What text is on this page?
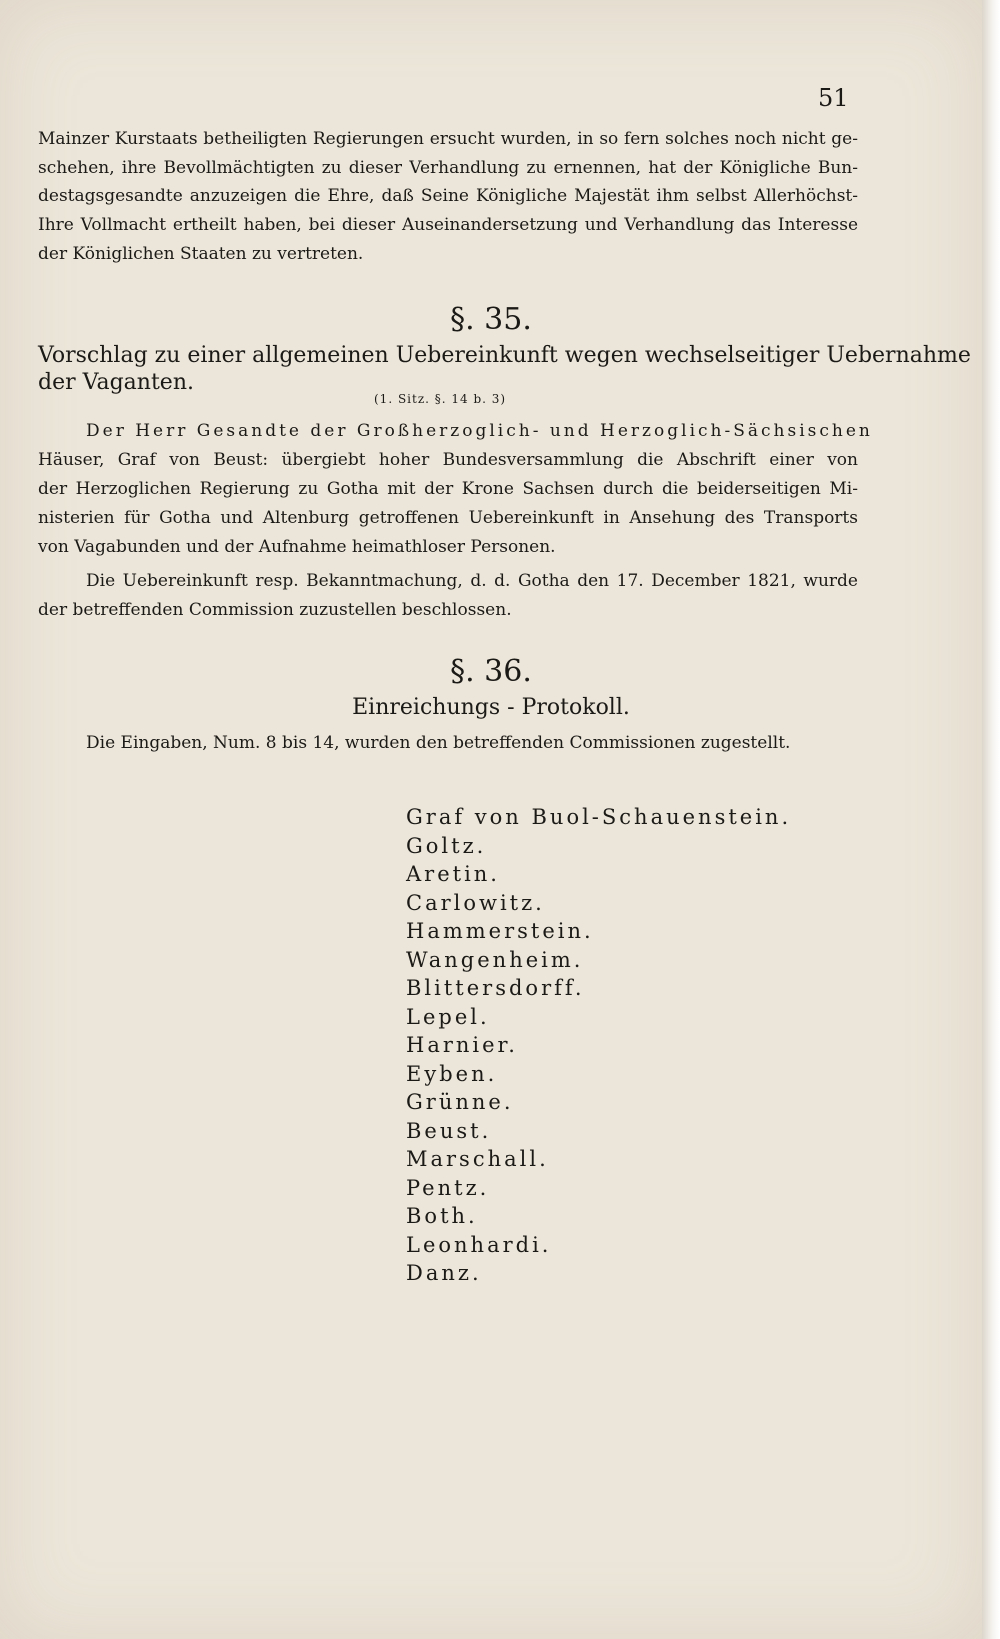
51
Mainzer Kurstaats betheiligten Regierungen ersucht wurden, in so fern solches noch nicht ge-
schehen, ihre Bevollmächtigten zu dieser Verhandlung zu ernennen, hat der Königliche Bun-
destagsgesandte anzuzeigen die Ehre, daß Seine Königliche Majestät ihm selbst Allerhöchst-
Ihre Vollmacht ertheilt haben, bei dieser Auseinandersetzung und Verhandlung das Interesse
der Königlichen Staaten zu vertreten.
§. 35.
Vorschlag zu einer allgemeinen Uebereinkunft wegen wechselseitiger Uebernahme
der Vaganten.
(1. Sitz. §. 14 b. 3)
Der Herr Gesandte der Großherzoglich- und Herzoglich-Sächsischen
Häuser, Graf von Beust: übergiebt hoher Bundesversammlung die Abschrift einer von
der Herzoglichen Regierung zu Gotha mit der Krone Sachsen durch die beiderseitigen Mi-
nisterien für Gotha und Altenburg getroffenen Uebereinkunft in Ansehung des Transports
von Vagabunden und der Aufnahme heimathloser Personen.
Die Uebereinkunft resp. Bekanntmachung, d. d. Gotha den 17. December 1821, wurde
der betreffenden Commission zuzustellen beschlossen.
§. 36.
Einreichungs - Protokoll.
Die Eingaben, Num. 8 bis 14, wurden den betreffenden Commissionen zugestellt.
Graf von Buol-Schauenstein.
Goltz.
Aretin.
Carlowitz.
Hammerstein.
Wangenheim.
Blittersdorff.
Lepel.
Harnier.
Eyben.
Grünne.
Beust.
Marschall.
Pentz.
Both.
Leonhardi.
Danz.
